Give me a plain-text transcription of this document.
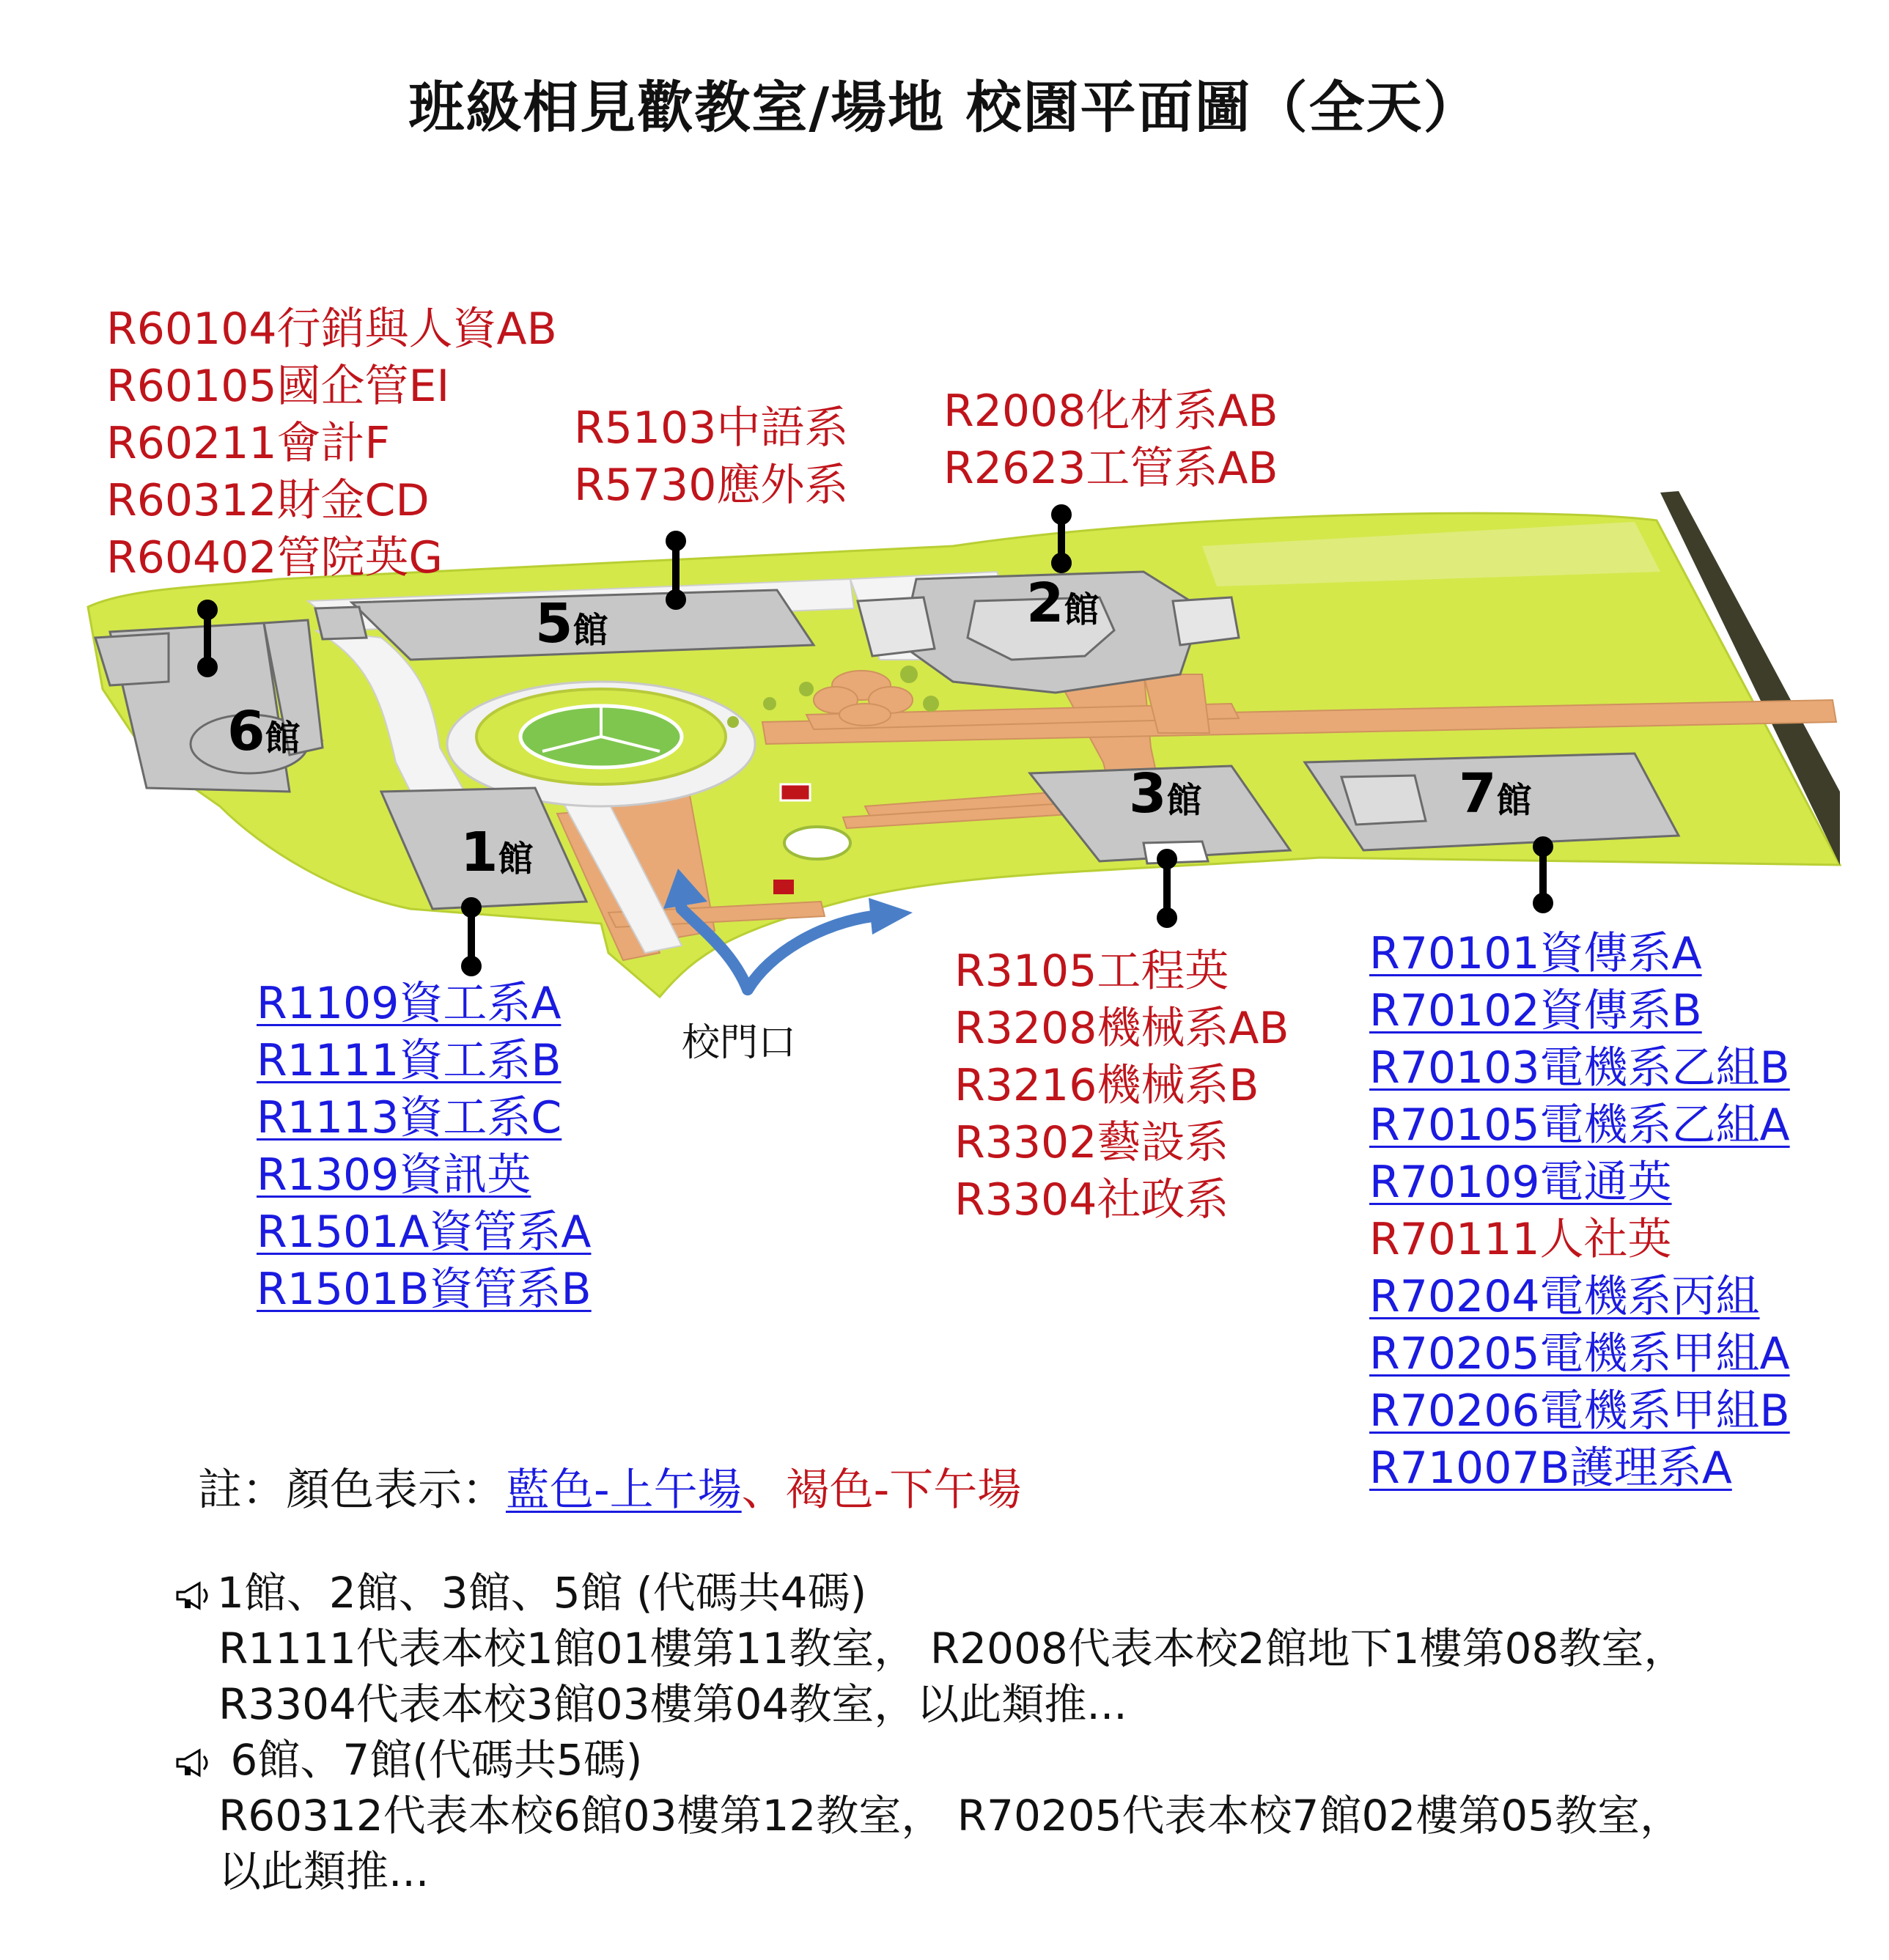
班級相見歡教室/場地 校園平面圖（全天）
5館	2館
6館
3館	7館
1館
校門口
R60104行銷與人資AB
R60105國企管EI
R60211會計F
R60312財金CD
R60402管院英G
R5103中語系
R5730應外系
R2008化材系AB
R2623工管系AB
R1109資工系A
R1111資工系B
R1113資工系C
R1309資訊英
R1501A資管系A
R1501B資管系B
R3105工程英
R3208機械系AB
R3216機械系B
R3302藝設系
R3304社政系
R70101資傳系A
R70102資傳系B
R70103電機系乙組B
R70105電機系乙組A
R70109電通英
R70111人社英
R70204電機系丙組
R70205電機系甲組A
R70206電機系甲組B
R71007B護理系A
註：顏色表示：藍色-上午場、褐色-下午場
1館、2館、3館、5館 (代碼共4碼)
R1111代表本校1館01樓第11教室， R2008代表本校2館地下1樓第08教室，
R3304代表本校3館03樓第04教室，以此類推...
6館、7館(代碼共5碼)
R60312代表本校6館03樓第12教室， R70205代表本校7館02樓第05教室，
以此類推...
